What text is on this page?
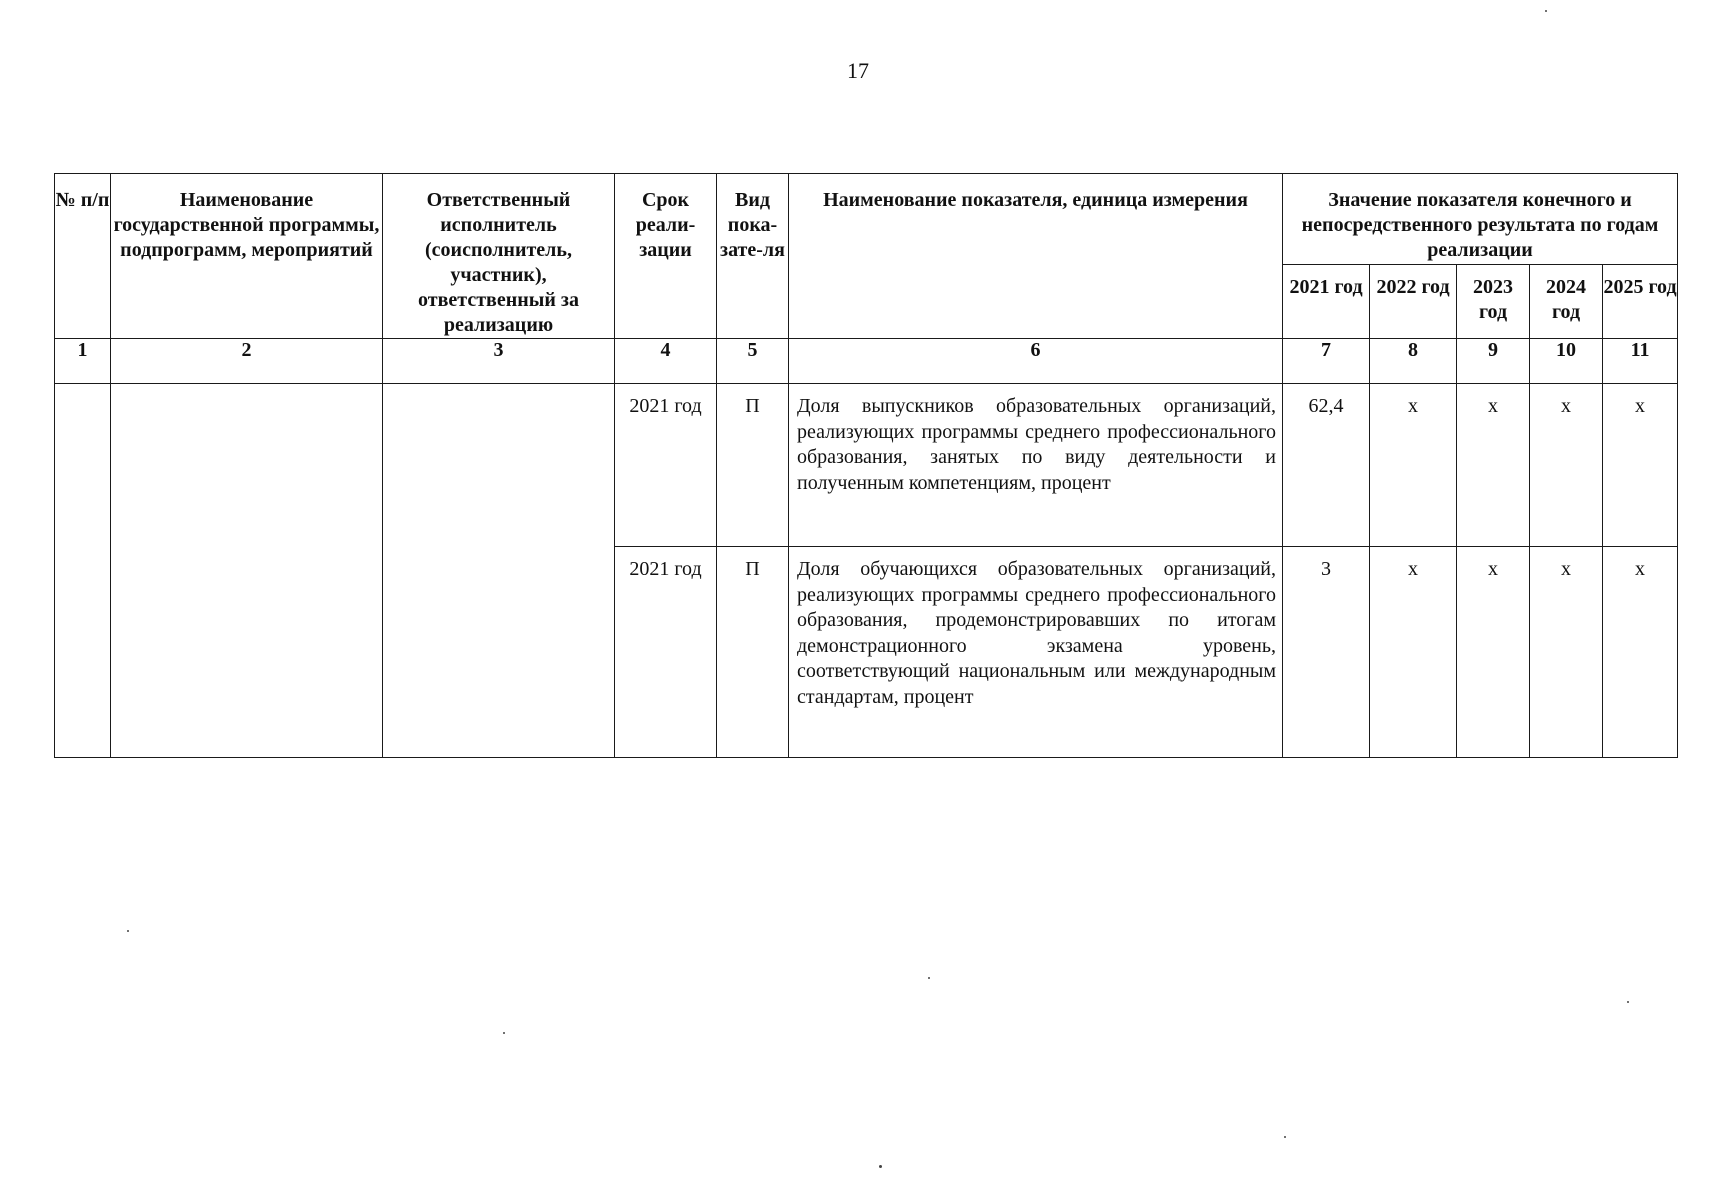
17
№ п/п	Наименование государственной программы, подпрограмм, мероприятий	Ответственный исполнитель (соисполнитель, участник), ответственный за реализацию	Срок реали-зации	Вид пока-зате-ля	Наименование показателя, единица измерения	Значение показателя конечного и непосредственного результата по годам реализации				
						2021 год	2022 год	2023 год	2024 год	2025 год
1	2	3	4	5	6	7	8	9	10	11
			2021 год	П	Доля выпускников образовательных организаций, реализующих программы среднего профессионального образования, занятых по виду деятельности и полученным компетенциям, процент	62,4	x	x	x	x
			2021 год	П	Доля обучающихся образовательных организаций, реализующих программы среднего профессионального образования, продемонстрировавших по итогам демонстрационного экзамена уровень, соответствующий национальным или международным стандартам, процент	3	x	x	x	x
